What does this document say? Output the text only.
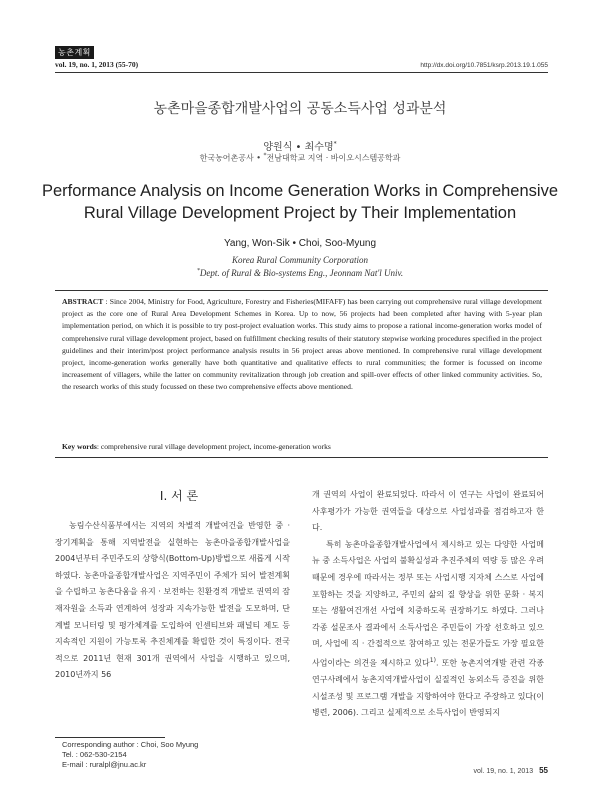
농촌계획
vol. 19, no. 1, 2013 (55-70)	http://dx.doi.org/10.7851/ksrp.2013.19.1.055
농촌마을종합개발사업의 공동소득사업 성과분석
양원식 • 최수명*
한국농어촌공사 • *전남대학교 지역 · 바이오시스템공학과
Performance Analysis on Income Generation Works in Comprehensive Rural Village Development Project by Their Implementation
Yang, Won-Sik • Choi, Soo-Myung
Korea Rural Community Corporation
*Dept. of Rural & Bio-systems Eng., Jeonnam Nat'l Univ.
ABSTRACT : Since 2004, Ministry for Food, Agriculture, Forestry and Fisheries(MIFAFF) has been carrying out comprehensive rural village development project as the core one of Rural Area Development Schemes in Korea. Up to now, 56 projects had been completed after having with 5-year plan implementation period, on which it is possible to try post-project evaluation works. This study aims to propose a rational income-generation works model of comprehensive rural village development project, based on fulfillment checking results of their statutory stepwise working procedures specified in the project guidelines and their interim/post project performance analysis results in 56 project areas above mentioned. In comprehensive rural village development project, income-generation works generally have both quantitative and qualitative effects to rural communities; the former is focussed on income increasement of villagers, while the latter on community revitalization through job creation and spill-over effects of other linked community activities. So, the research works of this study focussed on these two comprehensive effects above mentioned.
Key words: comprehensive rural village development project, income-generation works
Ⅰ. 서 론

농림수산식품부에서는 지역의 차별적 개발여건을 반영한 중 · 장기계획을 통해 지역발전을 실현하는 농촌마을종합개발사업을 2004년부터 주민주도의 상향식(Bottom-Up)방법으로 새롭게 시작하였다. 농촌마을종합개발사업은 지역주민이 주체가 되어 발전계획을 수립하고 농촌다움을 유지 · 보전하는 친환경적 개발로 권역의 잠재자원을 소득과 연계하여 성장과 지속가능한 발전을 도모하며, 단계별 모니터링 및 평가체계를 도입하여 인센티브와 패널티 제도 등 지속적인 지원이 가능토록 추진체계를 확립한 것이 특징이다. 전국적으로 2011년 현재 301개 권역에서 사업을 시행하고 있으며, 2010년까지 56

개 권역의 사업이 완료되었다. 따라서 이 연구는 사업이 완료되어 사후평가가 가능한 권역들을 대상으로 사업성과를 점검하고자 한다.

특히 농촌마을종합개발사업에서 제시하고 있는 다양한 사업메뉴 중 소득사업은 사업의 불확실성과 추진주체의 역량 등 많은 우려 때문에 경우에 따라서는 정부 또는 사업시행 지자체 스스로 사업에 포함하는 것을 지양하고, 주민의 삶의 질 향상을 위한 문화 · 복지 또는 생활여건개선 사업에 치중하도록 권장하기도 하였다. 그러나 각종 설문조사 결과에서 소득사업은 주민들이 가장 선호하고 있으며, 사업에 직 · 간접적으로 참여하고 있는 전문가들도 가장 필요한 사업이라는 의견을 제시하고 있다$^{1)}$. 또한 농촌지역개발 관련 각종 연구사례에서 농촌지역개발사업이 실질적인 농외소득 증진을 위한 시설조성 및 프로그램 개발을 지향하여야 한다고 주장하고 있다(이병련, 2006). 그리고 실제적으로 소득사업이 반영되지

Corresponding author : Choi, Soo Myung
Tel. : 062-530-2154
E-mail : ruralpl@jnu.ac.kr
vol. 19, no. 1, 2013 55
